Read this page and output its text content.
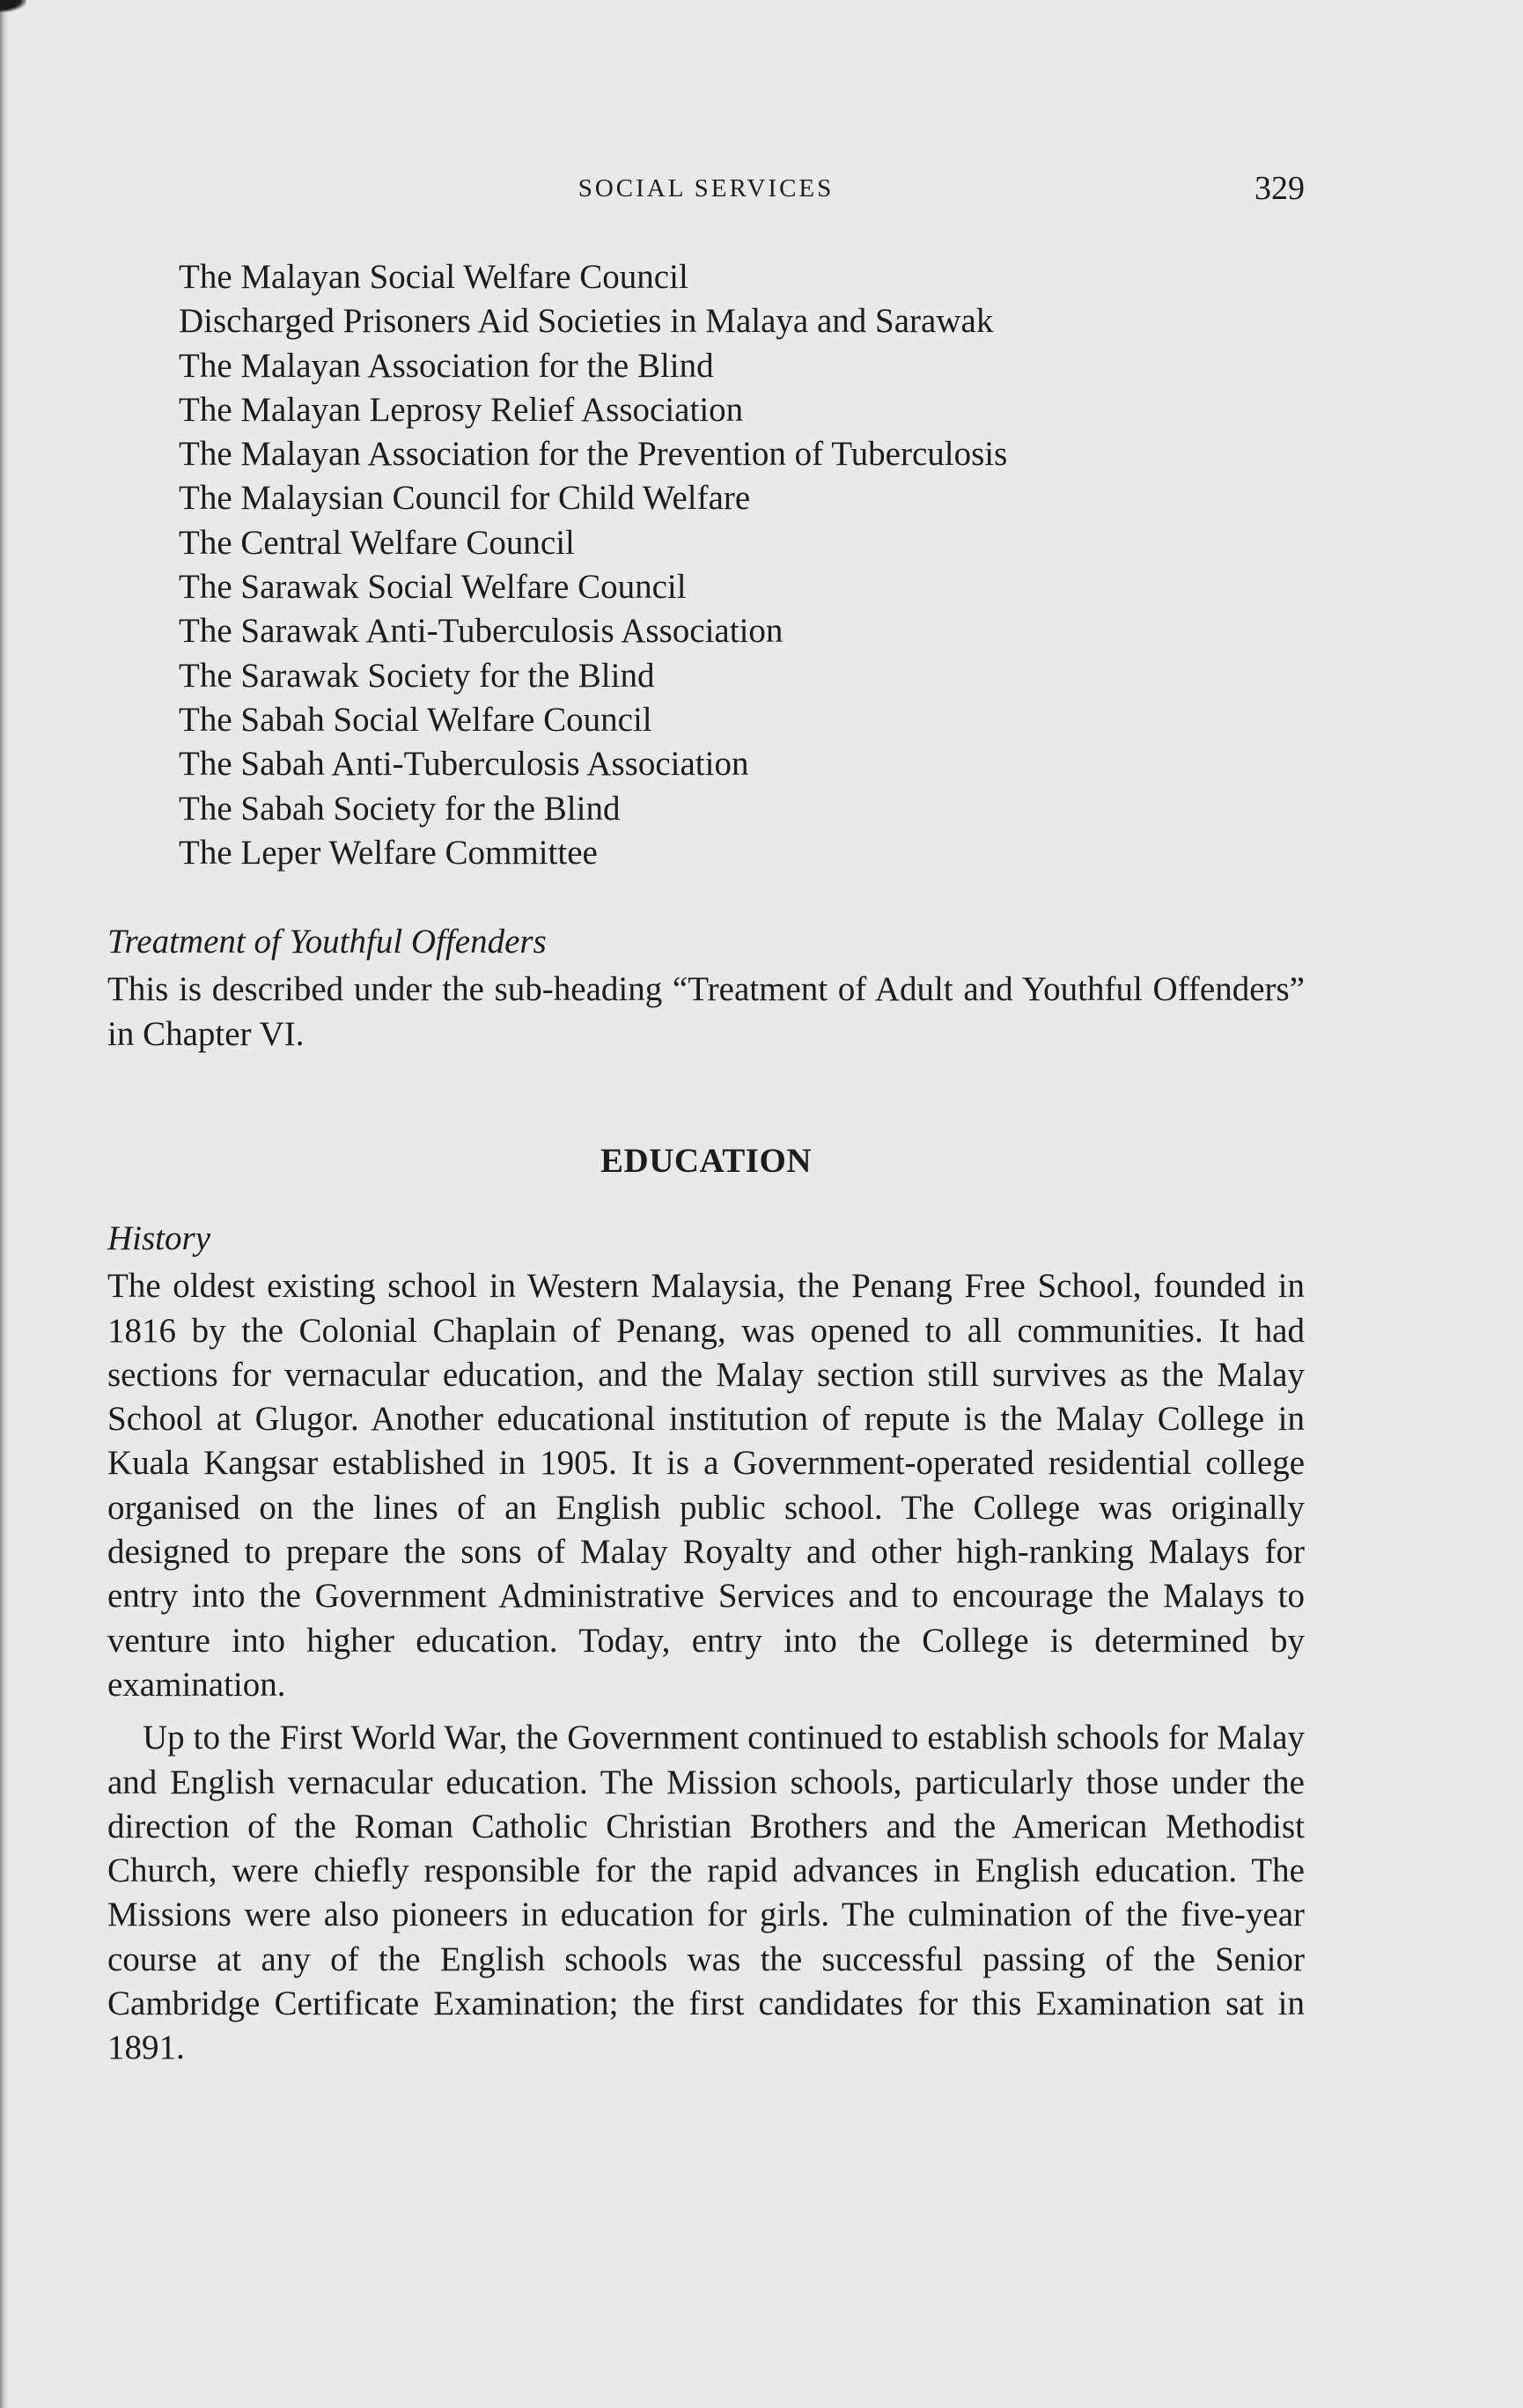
SOCIAL SERVICES	329
The Malayan Social Welfare Council
Discharged Prisoners Aid Societies in Malaya and Sarawak
The Malayan Association for the Blind
The Malayan Leprosy Relief Association
The Malayan Association for the Prevention of Tuberculosis
The Malaysian Council for Child Welfare
The Central Welfare Council
The Sarawak Social Welfare Council
The Sarawak Anti-Tuberculosis Association
The Sarawak Society for the Blind
The Sabah Social Welfare Council
The Sabah Anti-Tuberculosis Association
The Sabah Society for the Blind
The Leper Welfare Committee

Treatment of Youthful Offenders

This is described under the sub-heading “Treatment of Adult and Youthful Offenders” in Chapter VI.

EDUCATION

History

The oldest existing school in Western Malaysia, the Penang Free School, founded in 1816 by the Colonial Chaplain of Penang, was opened to all communities. It had sections for vernacular education, and the Malay section still survives as the Malay School at Glugor. Another educational institution of repute is the Malay College in Kuala Kangsar established in 1905. It is a Government-operated residential college organised on the lines of an English public school. The College was originally designed to prepare the sons of Malay Royalty and other high-ranking Malays for entry into the Government Administrative Services and to encourage the Malays to venture into higher education. Today, entry into the College is determined by examination.

Up to the First World War, the Government continued to establish schools for Malay and English vernacular education. The Mission schools, particularly those under the direction of the Roman Catholic Christian Brothers and the American Methodist Church, were chiefly responsible for the rapid advances in English education. The Missions were also pioneers in education for girls. The culmination of the five-year course at any of the English schools was the successful passing of the Senior Cambridge Certificate Examination; the first candidates for this Examination sat in 1891.
